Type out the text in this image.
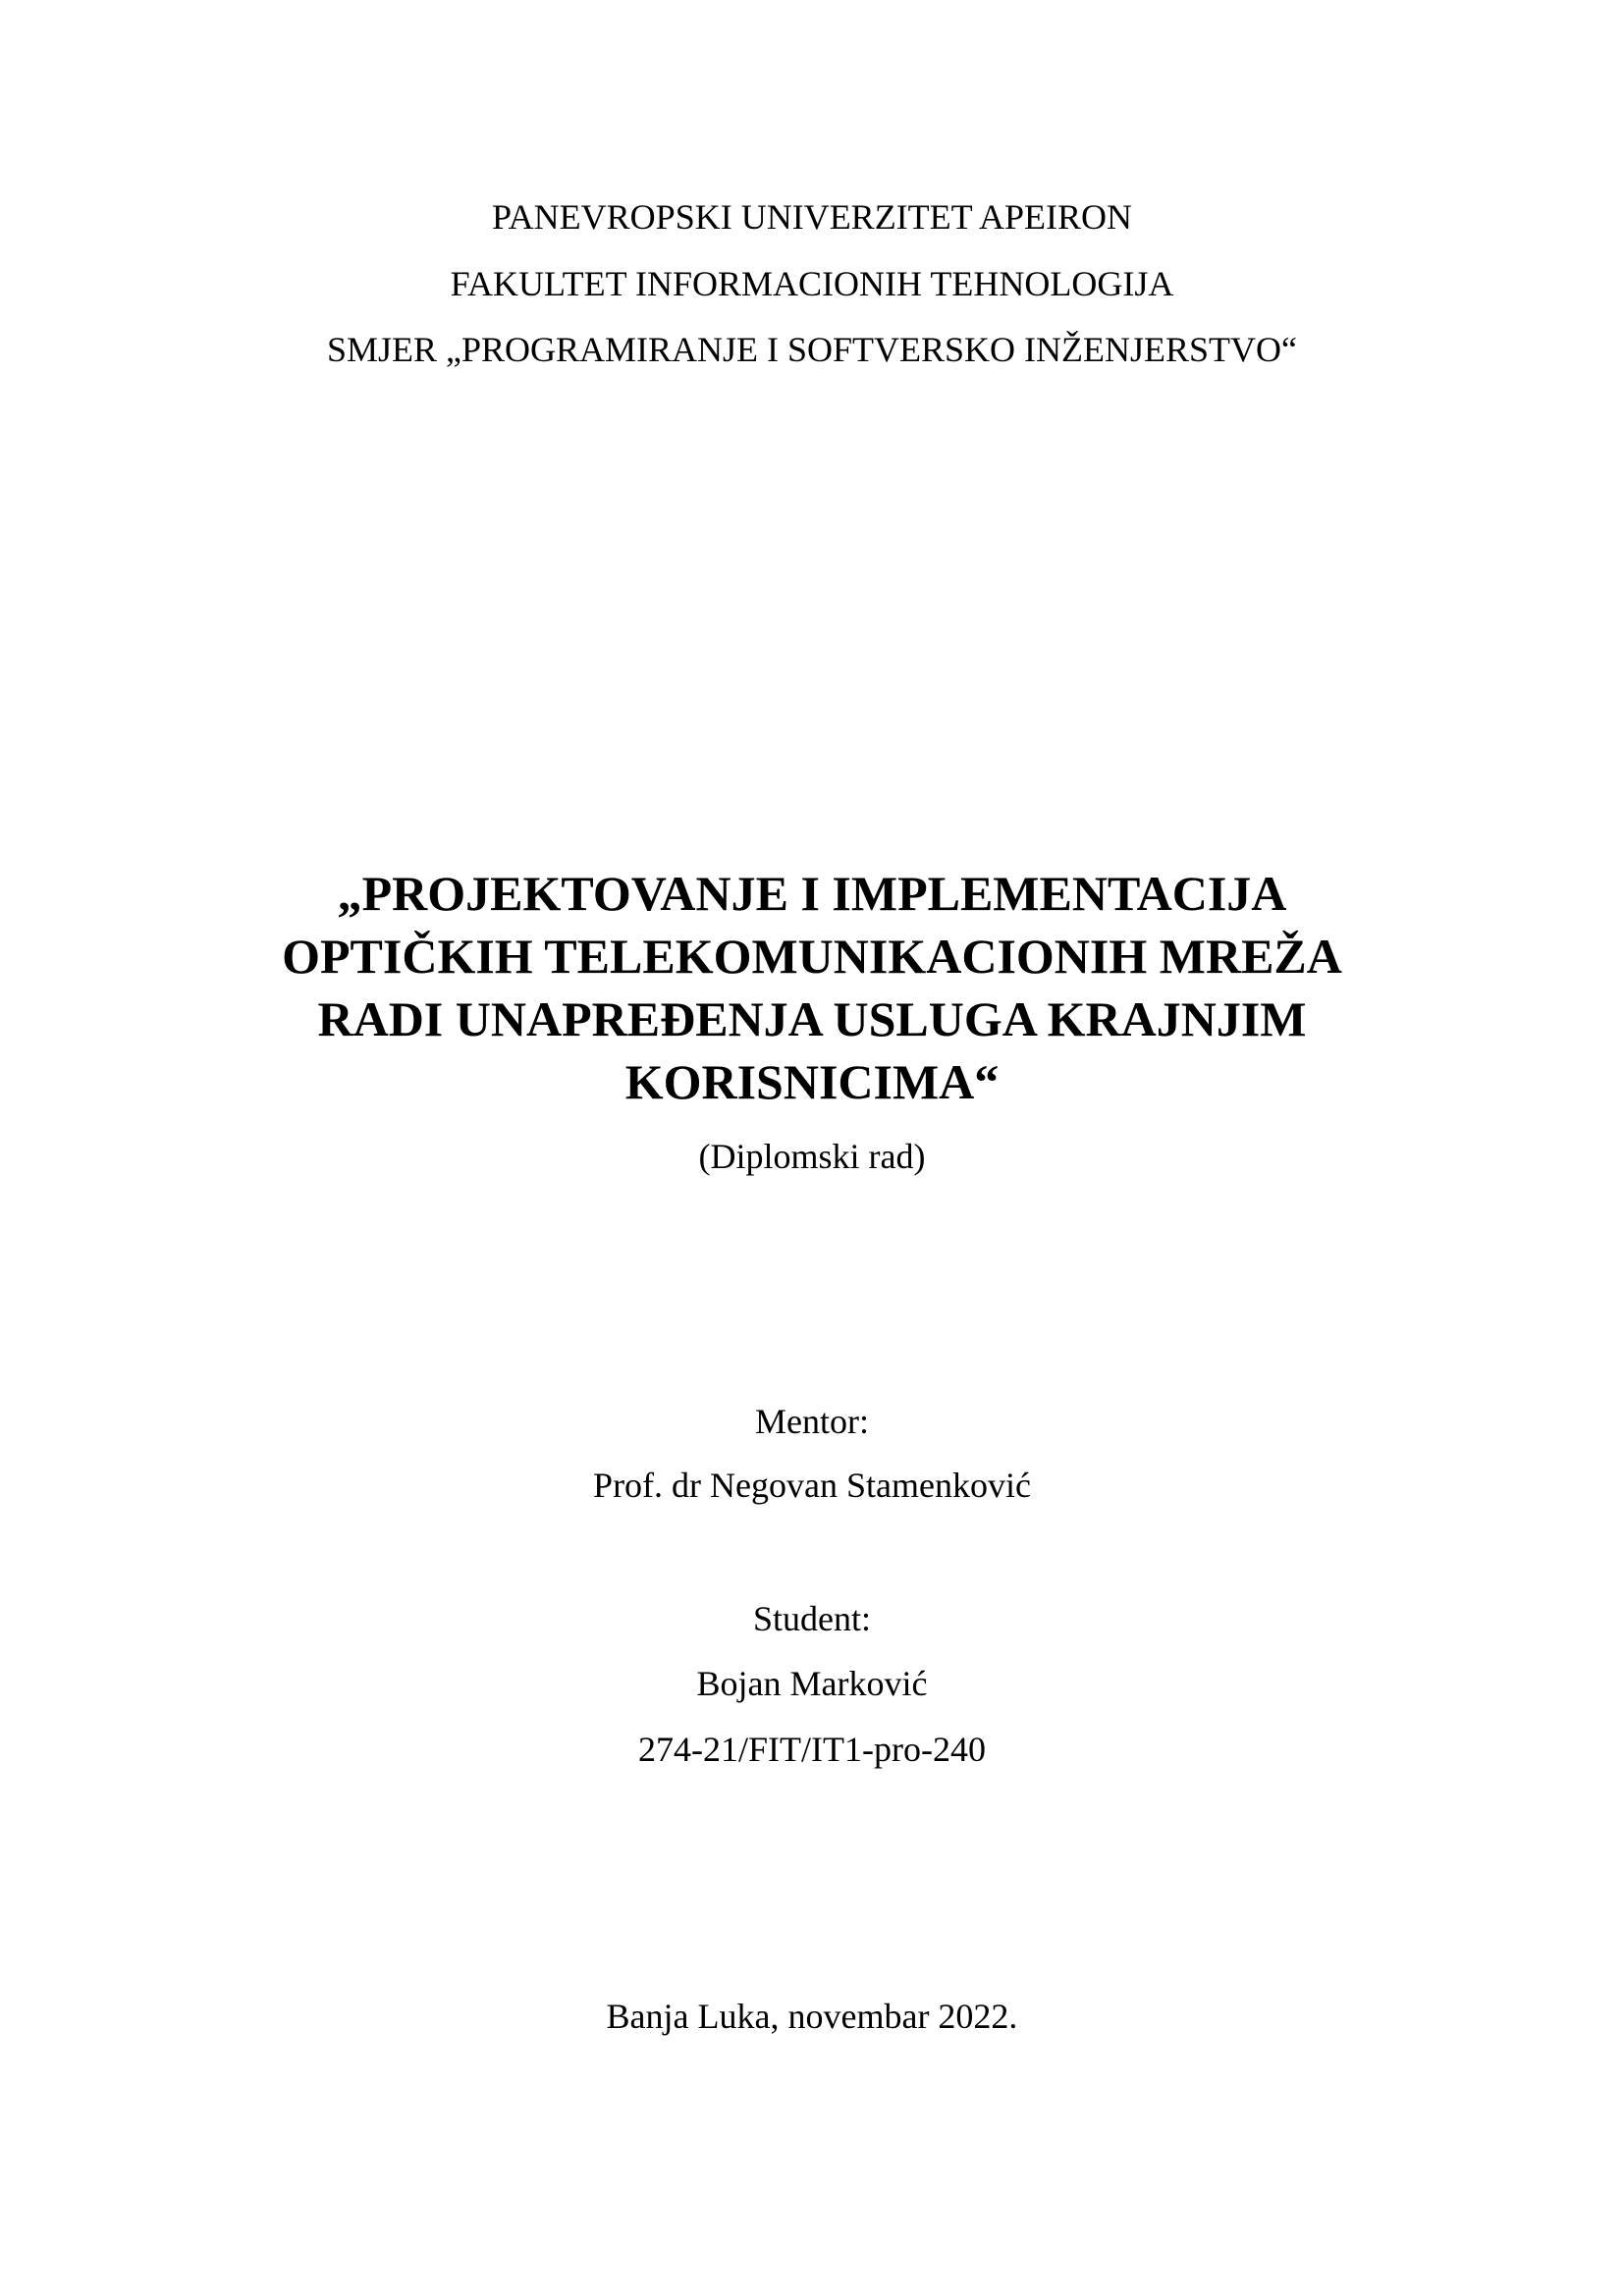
PANEVROPSKI UNIVERZITET APEIRON
FAKULTET INFORMACIONIH TEHNOLOGIJA
SMJER „PROGRAMIRANJE I SOFTVERSKO INŽENJERSTVO“
„PROJEKTOVANJE I IMPLEMENTACIJA
OPTIČKIH TELEKOMUNIKACIONIH MREŽA
RADI UNAPREĐENJA USLUGA KRAJNJIM
KORISNICIMA“
(Diplomski rad)
Mentor:
Prof. dr Negovan Stamenković
Student:
Bojan Marković
274-21/FIT/IT1-pro-240
Banja Luka, novembar 2022.
